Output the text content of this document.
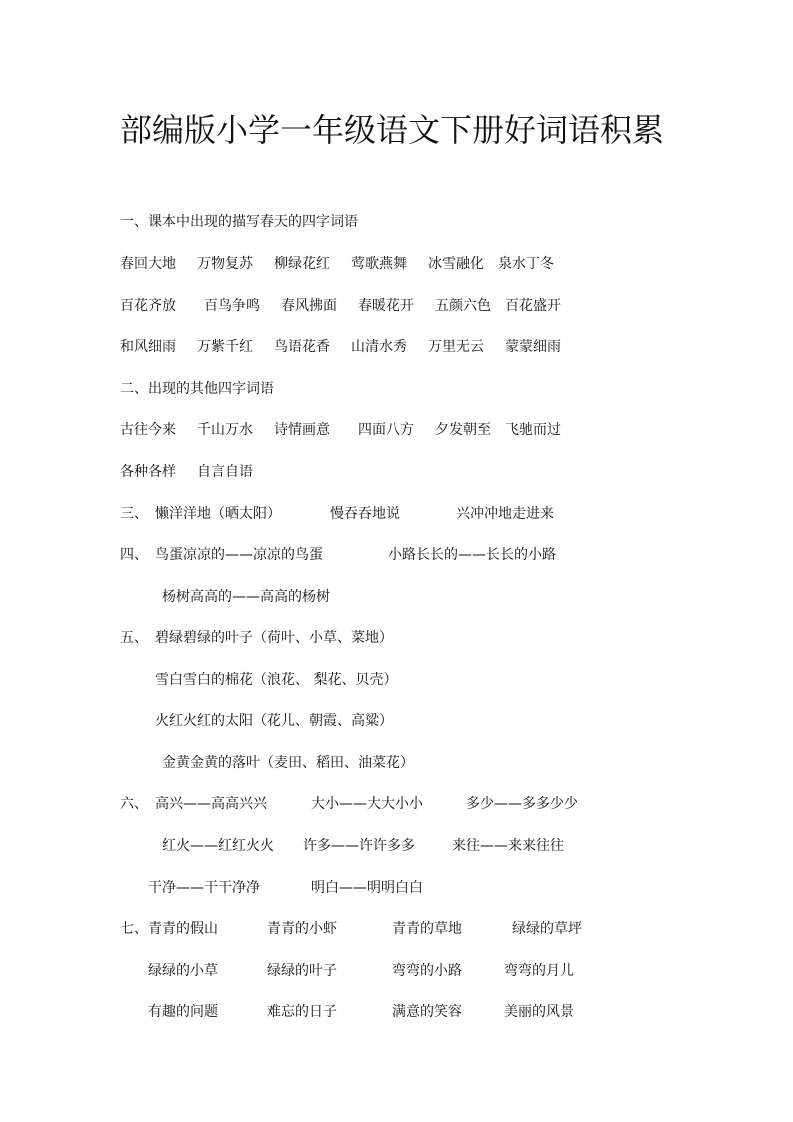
部编版小学一年级语文下册好词语积累
一、课本中出现的描写春天的四字词语
春回大地 万物复苏 柳绿花红 莺歌燕舞 冰雪融化 泉水丁冬
百花齐放 百鸟争鸣 春风拂面 春暖花开 五颜六色 百花盛开
和风细雨 万紫千红 鸟语花香 山清水秀 万里无云 蒙蒙细雨
二、出现的其他四字词语
古往今来 千山万水 诗情画意 四面八方 夕发朝至 飞驰而过
各种各样 自言自语
三、 懒洋洋地（晒太阳）	慢吞吞地说	兴冲冲地走进来
四、 鸟蛋凉凉的——凉凉的鸟蛋	小路长长的——长长的小路
杨树高高的——高高的杨树
五、 碧绿碧绿的叶子（荷叶、小草、菜地）
雪白雪白的棉花（浪花、 梨花、贝壳）
火红火红的太阳（花儿、朝霞、高粱）
金黄金黄的落叶（麦田、稻田、油菜花）
六、 高兴——高高兴兴	大小——大大小小	多少——多多少少
红火——红红火火 许多——许许多多	来往——来来往往
干净——干干净净	明白——明明白白
七、 青青的假山	青青的小虾	青青的草地	绿绿的草坪
绿绿的小草	绿绿的叶子	弯弯的小路	弯弯的月儿
有趣的问题	难忘的日子	满意的笑容	美丽的风景
